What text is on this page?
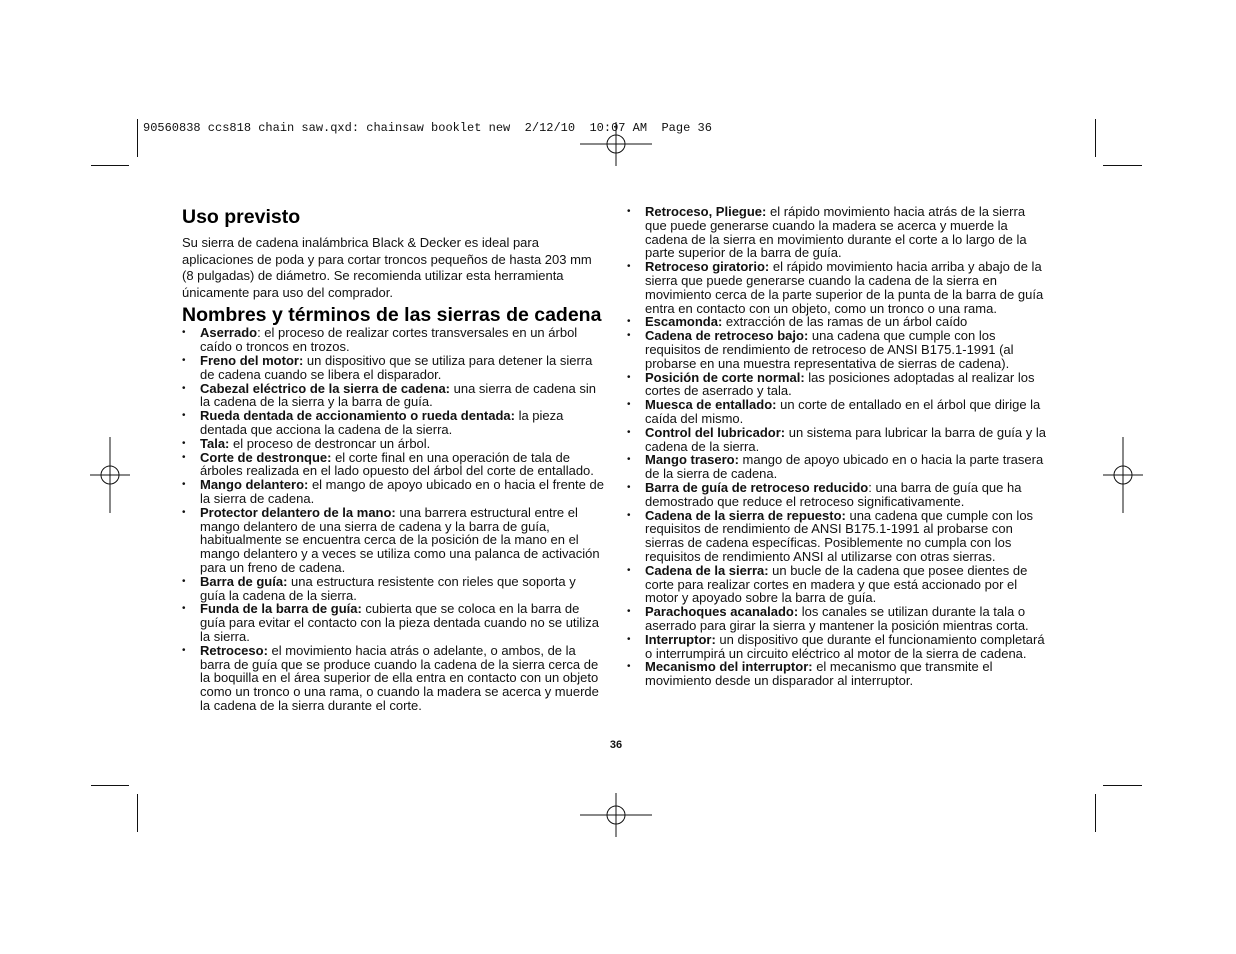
90560838 ccs818 chain saw.qxd: chainsaw booklet new  2/12/10  10:07 AM  Page 36
Uso previsto

Su sierra de cadena inalámbrica Black & Decker es ideal para aplicaciones de poda y para cortar troncos pequeños de hasta 203 mm (8 pulgadas) de diámetro. Se recomienda utilizar esta herramienta únicamente para uso del comprador.

Nombres y términos de las sierras de cadena
• Aserrado: el proceso de realizar cortes transversales en un árbol caído o troncos en trozos.
• Freno del motor: un dispositivo que se utiliza para detener la sierra de cadena cuando se libera el disparador.
• Cabezal eléctrico de la sierra de cadena: una sierra de cadena sin la cadena de la sierra y la barra de guía.
• Rueda dentada de accionamiento o rueda dentada: la pieza dentada que acciona la cadena de la sierra.
• Tala: el proceso de destroncar un árbol.
• Corte de destronque: el corte final en una operación de tala de árboles realizada en el lado opuesto del árbol del corte de entallado.
• Mango delantero: el mango de apoyo ubicado en o hacia el frente de la sierra de cadena.
• Protector delantero de la mano: una barrera estructural entre el mango delantero de una sierra de cadena y la barra de guía, habitualmente se encuentra cerca de la posición de la mano en el mango delantero y a veces se utiliza como una palanca de activación para un freno de cadena.
• Barra de guía: una estructura resistente con rieles que soporta y guía la cadena de la sierra.
• Funda de la barra de guía: cubierta que se coloca en la barra de guía para evitar el contacto con la pieza dentada cuando no se utiliza la sierra.
• Retroceso: el movimiento hacia atrás o adelante, o ambos, de la barra de guía que se produce cuando la cadena de la sierra cerca de la boquilla en el área superior de ella entra en contacto con un objeto como un tronco o una rama, o cuando la madera se acerca y muerde la cadena de la sierra durante el corte.
• Retroceso, Pliegue: el rápido movimiento hacia atrás de la sierra que puede generarse cuando la madera se acerca y muerde la cadena de la sierra en movimiento durante el corte a lo largo de la parte superior de la barra de guía.
• Retroceso giratorio: el rápido movimiento hacia arriba y abajo de la sierra que puede generarse cuando la cadena de la sierra en movimiento cerca de la parte superior de la punta de la barra de guía entra en contacto con un objeto, como un tronco o una rama.
• Escamonda: extracción de las ramas de un árbol caído
• Cadena de retroceso bajo: una cadena que cumple con los requisitos de rendimiento de retroceso de ANSI B175.1-1991 (al probarse en una muestra representativa de sierras de cadena).
• Posición de corte normal: las posiciones adoptadas al realizar los cortes de aserrado y tala.
• Muesca de entallado: un corte de entallado en el árbol que dirige la caída del mismo.
• Control del lubricador: un sistema para lubricar la barra de guía y la cadena de la sierra.
• Mango trasero: mango de apoyo ubicado en o hacia la parte trasera de la sierra de cadena.
• Barra de guía de retroceso reducido: una barra de guía que ha demostrado que reduce el retroceso significativamente.
• Cadena de la sierra de repuesto: una cadena que cumple con los requisitos de rendimiento de ANSI B175.1-1991 al probarse con sierras de cadena específicas. Posiblemente no cumpla con los requisitos de rendimiento ANSI al utilizarse con otras sierras.
• Cadena de la sierra: un bucle de la cadena que posee dientes de corte para realizar cortes en madera y que está accionado por el motor y apoyado sobre la barra de guía.
• Parachoques acanalado: los canales se utilizan durante la tala o aserrado para girar la sierra y mantener la posición mientras corta.
• Interruptor: un dispositivo que durante el funcionamiento completará o interrumpirá un circuito eléctrico al motor de la sierra de cadena.
• Mecanismo del interruptor: el mecanismo que transmite el movimiento desde un disparador al interruptor.
36
